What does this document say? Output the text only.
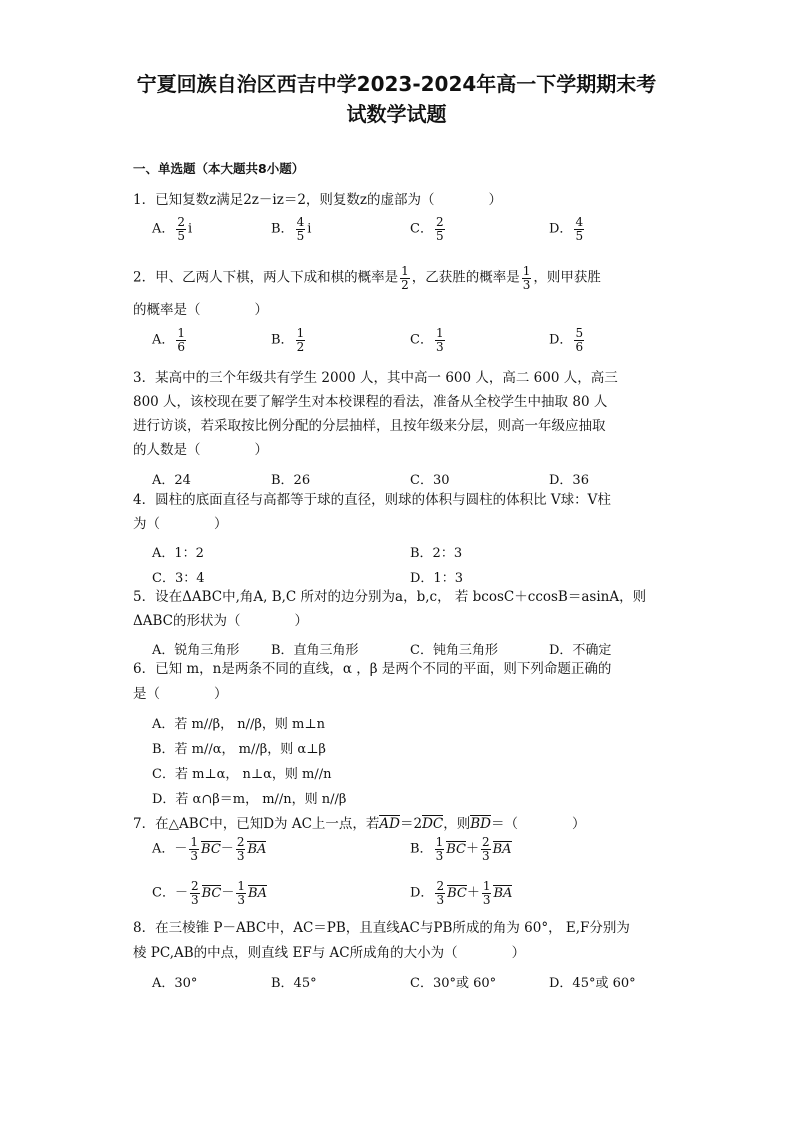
宁夏回族自治区西吉中学2023-2024年高一下学期期末考
试数学试题
一、单选题（本大题共8小题）
1．已知复数z满足2z－iz＝2，则复数z的虚部为（　　　　）
A． $\frac{2}{5}$ i	B． $\frac{4}{5}$ i	C． $\frac{2}{5}$	D． $\frac{4}{5}$
2．甲、乙两人下棋，两人下成和棋的概率是 $\frac{1}{2}$ ，乙获胜的概率是 $\frac{1}{3}$ ，则甲获胜
的概率是（　　　　）
A． $\frac{1}{6}$	B． $\frac{1}{2}$	C． $\frac{1}{3}$	D． $\frac{5}{6}$
3．某高中的三个年级共有学生 2000 人，其中高一 600 人，高二 600 人，高三
800 人，该校现在要了解学生对本校课程的看法，准备从全校学生中抽取 80 人
进行访谈，若采取按比例分配的分层抽样，且按年级来分层，则高一年级应抽取
的人数是（　　　　）
A．24	B．26	C．30	D．36
4．圆柱的底面直径与高都等于球的直径，则球的体积与圆柱的体积比 V球：V柱
为（　　　　）
A．1：2	B．2：3
C．3：4	D．1：3
5．设在ΔABC中,角A, B,C 所对的边分别为a，b,c， 若 bcosC＋ccosB＝asinA，则
ΔABC的形状为（　　　　）
A．锐角三角形 B．直角三角形	C．钝角三角形	D．不确定
6．已知 m，n是两条不同的直线，α ，β 是两个不同的平面，则下列命题正确的
是（　　　　）
A．若 m//β， n//β，则 m⊥n
B．若 m//α， m//β，则 α⊥β
C．若 m⊥α， n⊥α，则 m//n
D．若 α∩β＝m， m//n，则 n//β
7．在△ABC中，已知D为 AC上一点，若AD＝2DC，则BD＝（　　　　）
A．－ $\frac{1}{3} BC- \frac{2}{3}$ BA	B． $\frac{1}{3} BC+ \frac{2}{3}$ BA
C．－ $\frac{2}{3} BC- \frac{1}{3}$ BA	D． $\frac{2}{3} BC+ \frac{1}{3}$ BA
8．在三棱锥 P－ABC中，AC＝PB，且直线AC与PB所成的角为 60°， E,F分别为
棱 PC,AB的中点，则直线 EF与 AC所成角的大小为（　　　　）
A．30°	B．45°	C．30°或 60°	D．45°或 60°
